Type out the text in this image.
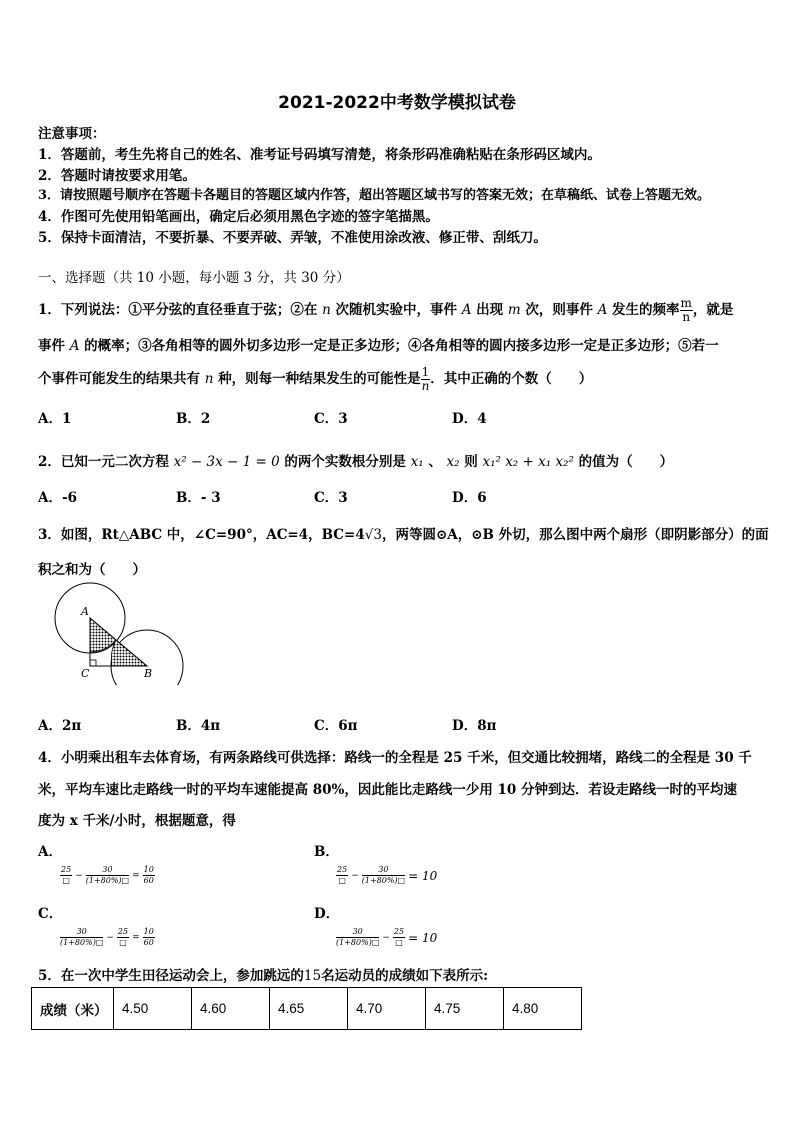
2021-2022中考数学模拟试卷
注意事项：
1．答题前，考生先将自己的姓名、准考证号码填写清楚，将条形码准确粘贴在条形码区域内。
2．答题时请按要求用笔。
3．请按照题号顺序在答题卡各题目的答题区域内作答，超出答题区域书写的答案无效；在草稿纸、试卷上答题无效。
4．作图可先使用铅笔画出，确定后必须用黑色字迹的签字笔描黑。
5．保持卡面清洁，不要折暴、不要弄破、弄皱，不准使用涂改液、修正带、刮纸刀。
一、选择题（共 10 小题，每小题 3 分，共 30 分）
1．下列说法：①平分弦的直径垂直于弦；②在 n 次随机实验中，事件 A 出现 m 次，则事件 A 发生的频率 $\frac{m}{n}$ ，就是
事件 A 的概率；③各角相等的圆外切多边形一定是正多边形；④各角相等的圆内接多边形一定是正多边形；⑤若一
个事件可能发生的结果共有 n 种，则每一种结果发生的可能性是 $\frac{1}{n}$ ．其中正确的个数（　　）
A．1	B．2	C．3	D．4
2．已知一元二次方程 x² − 3x − 1 = 0 的两个实数根分别是 x₁ 、 x₂ 则 x₁² x₂ + x₁ x₂² 的值为（　　）
A．-6	B．- 3	C．3	D．6
3．如图，Rt△ABC 中，∠C=90°，AC=4，BC=4√3，两等圆⊙A，⊙B 外切，那么图中两个扇形（即阴影部分）的面
积之和为（　　）
A
C	B
A．2π	B．4π	C．6π	D．8π
4．小明乘出租车去体育场，有两条路线可供选择：路线一的全程是 25 千米，但交通比较拥堵，路线二的全程是 30 千
米，平均车速比走路线一时的平均车速能提高 80%，因此能比走路线一少用 10 分钟到达．若设走路线一时的平均速
度为 x 千米/小时，根据题意，得
A．

$\frac{25}{□} - \frac{30}{(1+80\%)□} = \frac{10}{60}$
B．

$\frac{25}{□} - \frac{30}{(1+80\%)□} = 10$
C．

$\frac{30}{(1+80\%)□} - \frac{25}{□} = \frac{10}{60}$
D．

$\frac{30}{(1+80\%)□} - \frac{25}{□} = 10$
5．在一次中学生田径运动会上，参加跳远的15名运动员的成绩如下表所示:
成绩（米）	4.50	4.60	4.65	4.70	4.75	4.80
